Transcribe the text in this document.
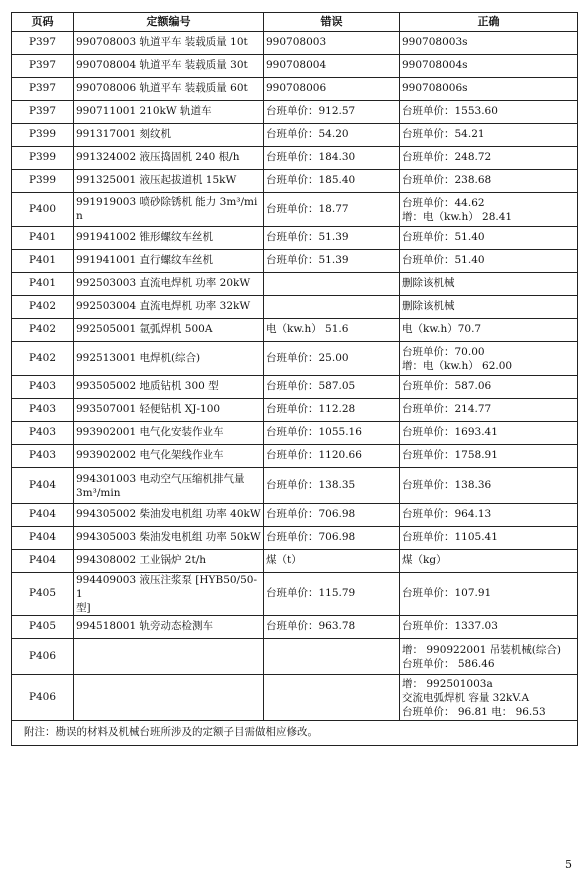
页码	定额编号	错误	正确
P397	990708003 轨道平车 装载质量 10t	990708003	990708003s

P397	990708004 轨道平车 装载质量 30t	990708004	990708004s

P397	990708006 轨道平车 装载质量 60t	990708006	990708006s

P397	990711001 210kW 轨道车	台班单价：912.57	台班单价：1553.60

P399	991317001 刻纹机	台班单价：54.20	台班单价：54.21

P399	991324002 液压捣固机 240 根/h	台班单价：184.30	台班单价：248.72

P399	991325001 液压起拔道机 15kW	台班单价：185.40	台班单价：238.68

P400	991919003 喷砂除锈机 能力 3m³/min	台班单价：18.77	台班单价：44.62
增：电（kw.h） 28.41

P401	991941002 锥形螺纹车丝机	台班单价：51.39	台班单价：51.40

P401	991941001 直行螺纹车丝机	台班单价：51.39	台班单价：51.40

P401	992503003 直流电焊机 功率 20kW		删除该机械

P402	992503004 直流电焊机 功率 32kW		删除该机械

P402	992505001 氩弧焊机 500A	电（kw.h） 51.6	电（kw.h）70.7

P402	992513001 电焊机(综合)	台班单价：25.00	台班单价：70.00
增：电（kw.h） 62.00

P403	993505002 地质钻机 300 型	台班单价：587.05	台班单价：587.06

P403	993507001 轻便钻机 XJ-100	台班单价：112.28	台班单价：214.77

P403	993902001 电气化安装作业车	台班单价：1055.16	台班单价：1693.41

P403	993902002 电气化架线作业车	台班单价：1120.66	台班单价：1758.91

P404	994301003 电动空气压缩机排气量
3m³/min	台班单价：138.35	台班单价：138.36

P404	994305002 柴油发电机组 功率 40kW	台班单价：706.98	台班单价：964.13

P404	994305003 柴油发电机组 功率 50kW	台班单价：706.98	台班单价：1105.41

P404	994308002 工业锅炉 2t/h	煤（t）	煤（kg）

P405	994409003 液压注浆泵 [HYB50/50-1
型]	台班单价：115.79	台班单价：107.91

P405	994518001 轨旁动态检测车	台班单价：963.78	台班单价：1337.03

P406			增： 990922001 吊装机械(综合)
台班单价： 586.46

P406			增： 992501003a
交流电弧焊机 容量 32kV.A
台班单价： 96.81 电： 96.53

附注：勘误的材料及机械台班所涉及的定额子目需做相应修改。			
5
